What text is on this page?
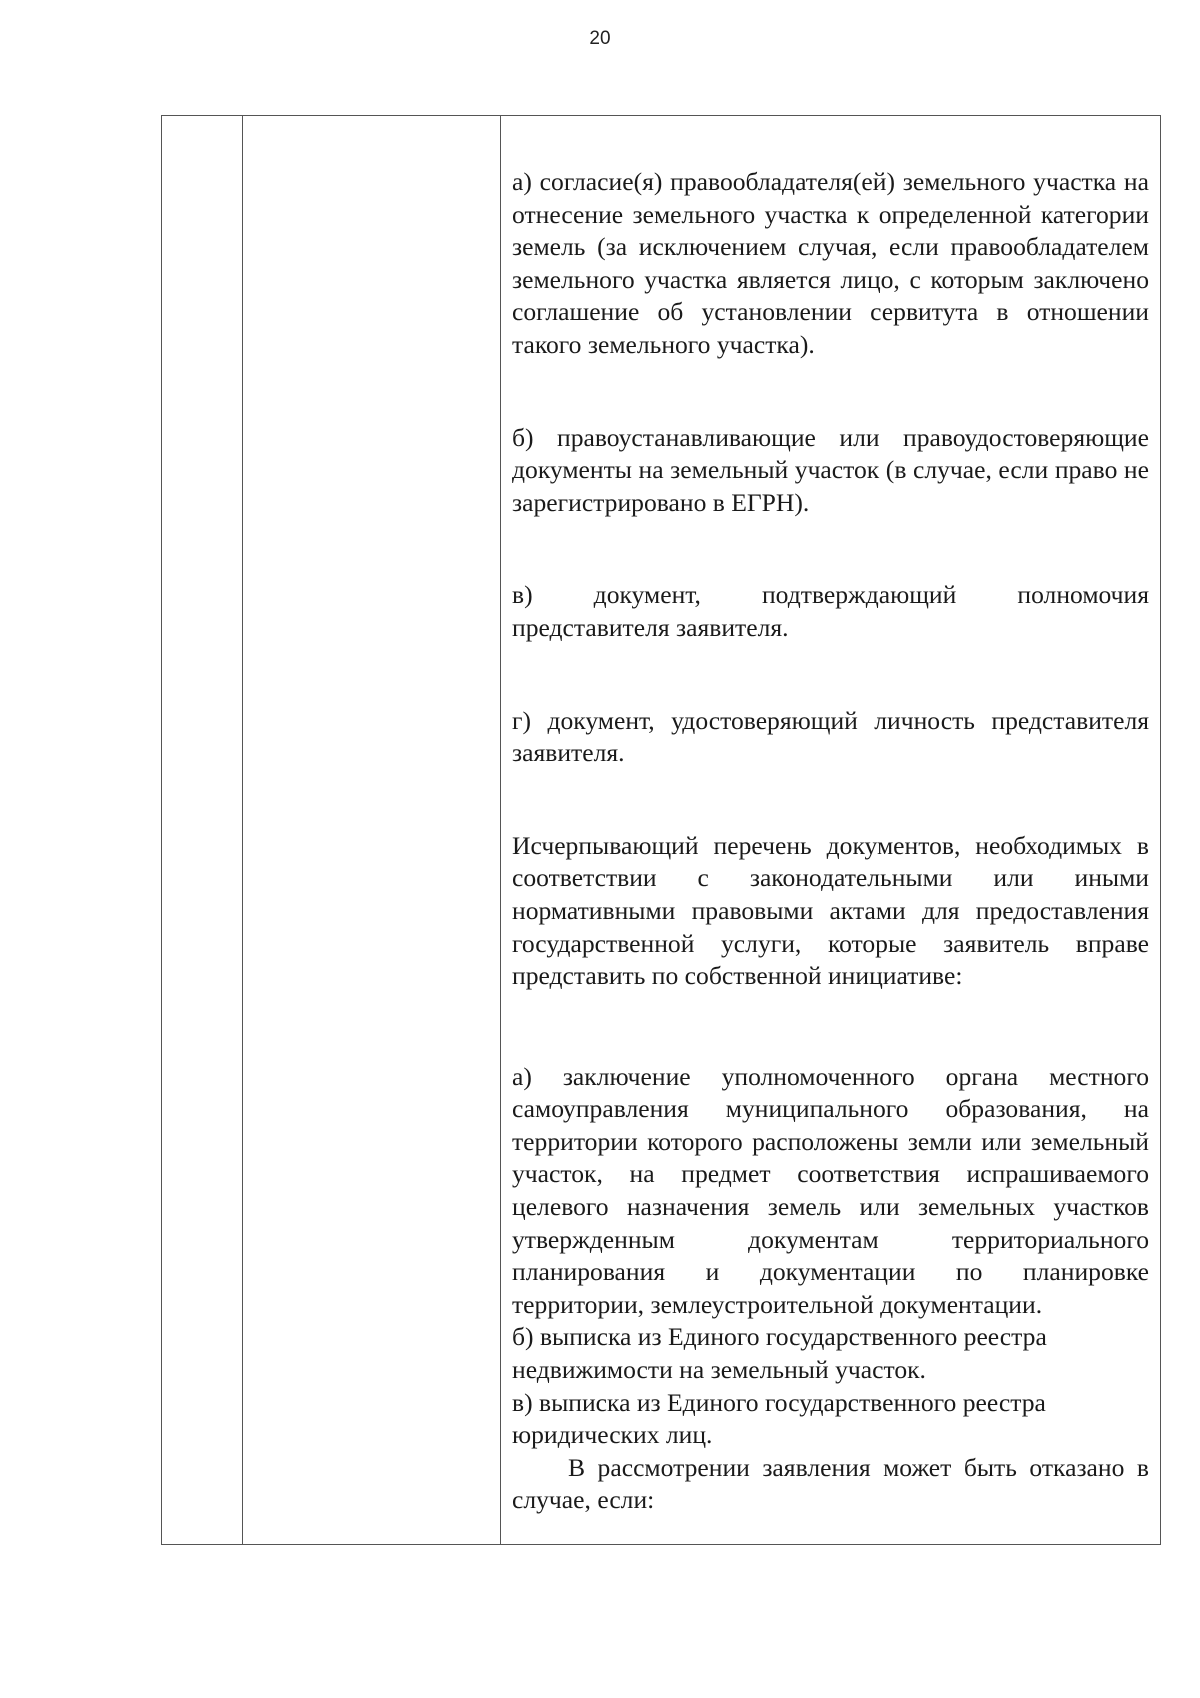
20

а) согласие(я) правообладателя(ей) земельного участка на отнесение земельного участка к определенной категории земель (за исключением случая, если правообладателем земельного участка является лицо, с которым заключено соглашение об установлении сервитута в отношении такого земельного участка).

б) правоустанавливающие или правоудостоверяющие документы на земельный участок (в случае, если право не зарегистрировано в ЕГРН).

в) документ, подтверждающий полномочия представителя заявителя.

г) документ, удостоверяющий личность представителя заявителя.

Исчерпывающий перечень документов, необходимых в соответствии с законодательными или иными нормативными правовыми актами для предоставления государственной услуги, которые заявитель вправе представить по собственной инициативе:

а) заключение уполномоченного органа местного самоуправления муниципального образования, на территории которого расположены земли или земельный участок, на предмет соответствия испрашиваемого целевого назначения земель или земельных участков утвержденным документам территориального планирования и документации по планировке территории, землеустроительной документации.

б) выписка из Единого государственного реестра
недвижимости на земельный участок.

в) выписка из Единого государственного реестра
юридических лиц.

В рассмотрении заявления может быть отказано в случае, если:
